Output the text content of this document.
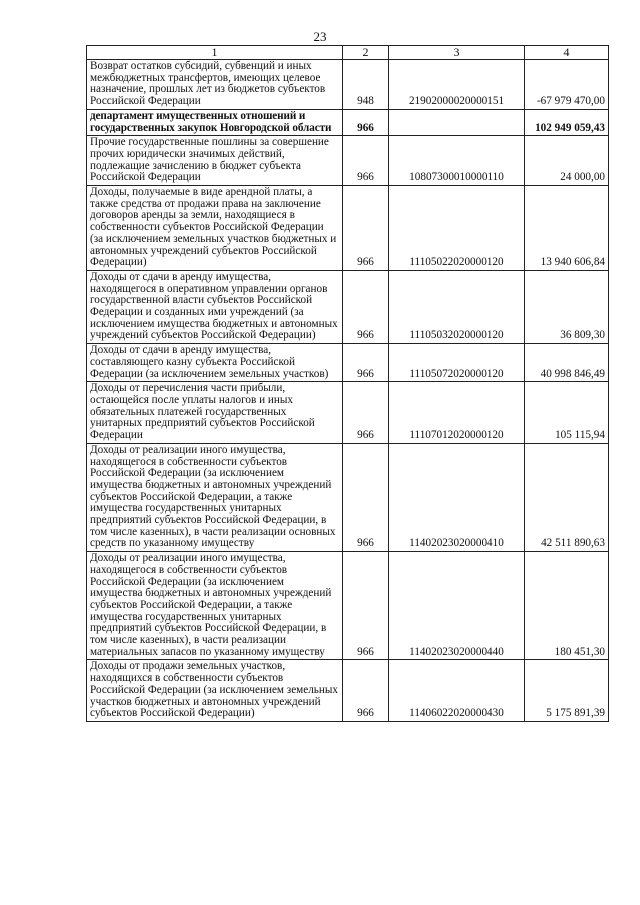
23
1	2	3	4
Возврат остатков субсидий, субвенций и иных межбюджетных трансфертов, имеющих целевое назначение, прошлых лет из бюджетов субъектов Российской Федерации	948	21902000020000151	-67 979 470,00
департамент имущественных отношений и государственных закупок Новгородской области	966		102 949 059,43
Прочие государственные пошлины за совершение прочих юридически значимых действий, подлежащие зачислению в бюджет субъекта Российской Федерации	966	10807300010000110	24 000,00
Доходы, получаемые в виде арендной платы, а также средства от продажи права на заключение договоров аренды за земли, находящиеся в собственности субъектов Российской Федерации (за исключением земельных участков бюджетных и автономных учреждений субъектов Российской Федерации)	966	11105022020000120	13 940 606,84
Доходы от сдачи в аренду имущества, находящегося в оперативном управлении органов государственной власти субъектов Российской Федерации и созданных ими учреждений (за исключением имущества бюджетных и автономных учреждений субъектов Российской Федерации)	966	11105032020000120	36 809,30
Доходы от сдачи в аренду имущества, составляющего казну субъекта Российской Федерации (за исключением земельных участков)	966	11105072020000120	40 998 846,49
Доходы от перечисления части прибыли, остающейся после уплаты налогов и иных обязательных платежей государственных унитарных предприятий субъектов Российской Федерации	966	11107012020000120	105 115,94
Доходы от реализации иного имущества, находящегося в собственности субъектов Российской Федерации (за исключением имущества бюджетных и автономных учреждений субъектов Российской Федерации, а также имущества государственных унитарных предприятий субъектов Российской Федерации, в том числе казенных), в части реализации основных средств по указанному имуществу	966	11402023020000410	42 511 890,63
Доходы от реализации иного имущества, находящегося в собственности субъектов Российской Федерации (за исключением имущества бюджетных и автономных учреждений субъектов Российской Федерации, а также имущества государственных унитарных предприятий субъектов Российской Федерации, в том числе казенных), в части реализации материальных запасов по указанному имуществу	966	11402023020000440	180 451,30
Доходы от продажи земельных участков, находящихся в собственности субъектов Российской Федерации (за исключением земельных участков бюджетных и автономных учреждений субъектов Российской Федерации)	966	11406022020000430	5 175 891,39
